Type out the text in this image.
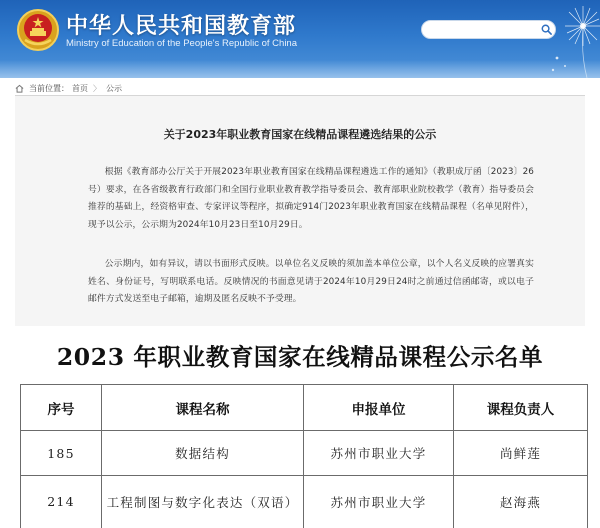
中华人民共和国教育部
Ministry of Education of the People's Republic of China
当前位置： 首页 〉 公示
关于2023年职业教育国家在线精品课程遴选结果的公示

根据《教育部办公厅关于开展2023年职业教育国家在线精品课程遴选工作的通知》（教职成厅函〔2023〕26号）要求，在各省级教育行政部门和全国行业职业教育教学指导委员会、教育部职业院校教学（教育）指导委员会推荐的基础上，经资格审查、专家评议等程序，拟确定914门2023年职业教育国家在线精品课程（名单见附件），现予以公示，公示期为2024年10月23日至10月29日。

公示期内，如有异议，请以书面形式反映。以单位名义反映的须加盖本单位公章，以个人名义反映的应署真实姓名、身份证号，写明联系电话。反映情况的书面意见请于2024年10月29日24时之前通过信函邮寄，或以电子邮件方式发送至电子邮箱，逾期及匿名反映不予受理。

2023 年职业教育国家在线精品课程公示名单
序号	课程名称	申报单位	课程负责人
185	数据结构	苏州市职业大学	尚鲜莲
214	工程制图与数字化表达（双语）	苏州市职业大学	赵海燕
